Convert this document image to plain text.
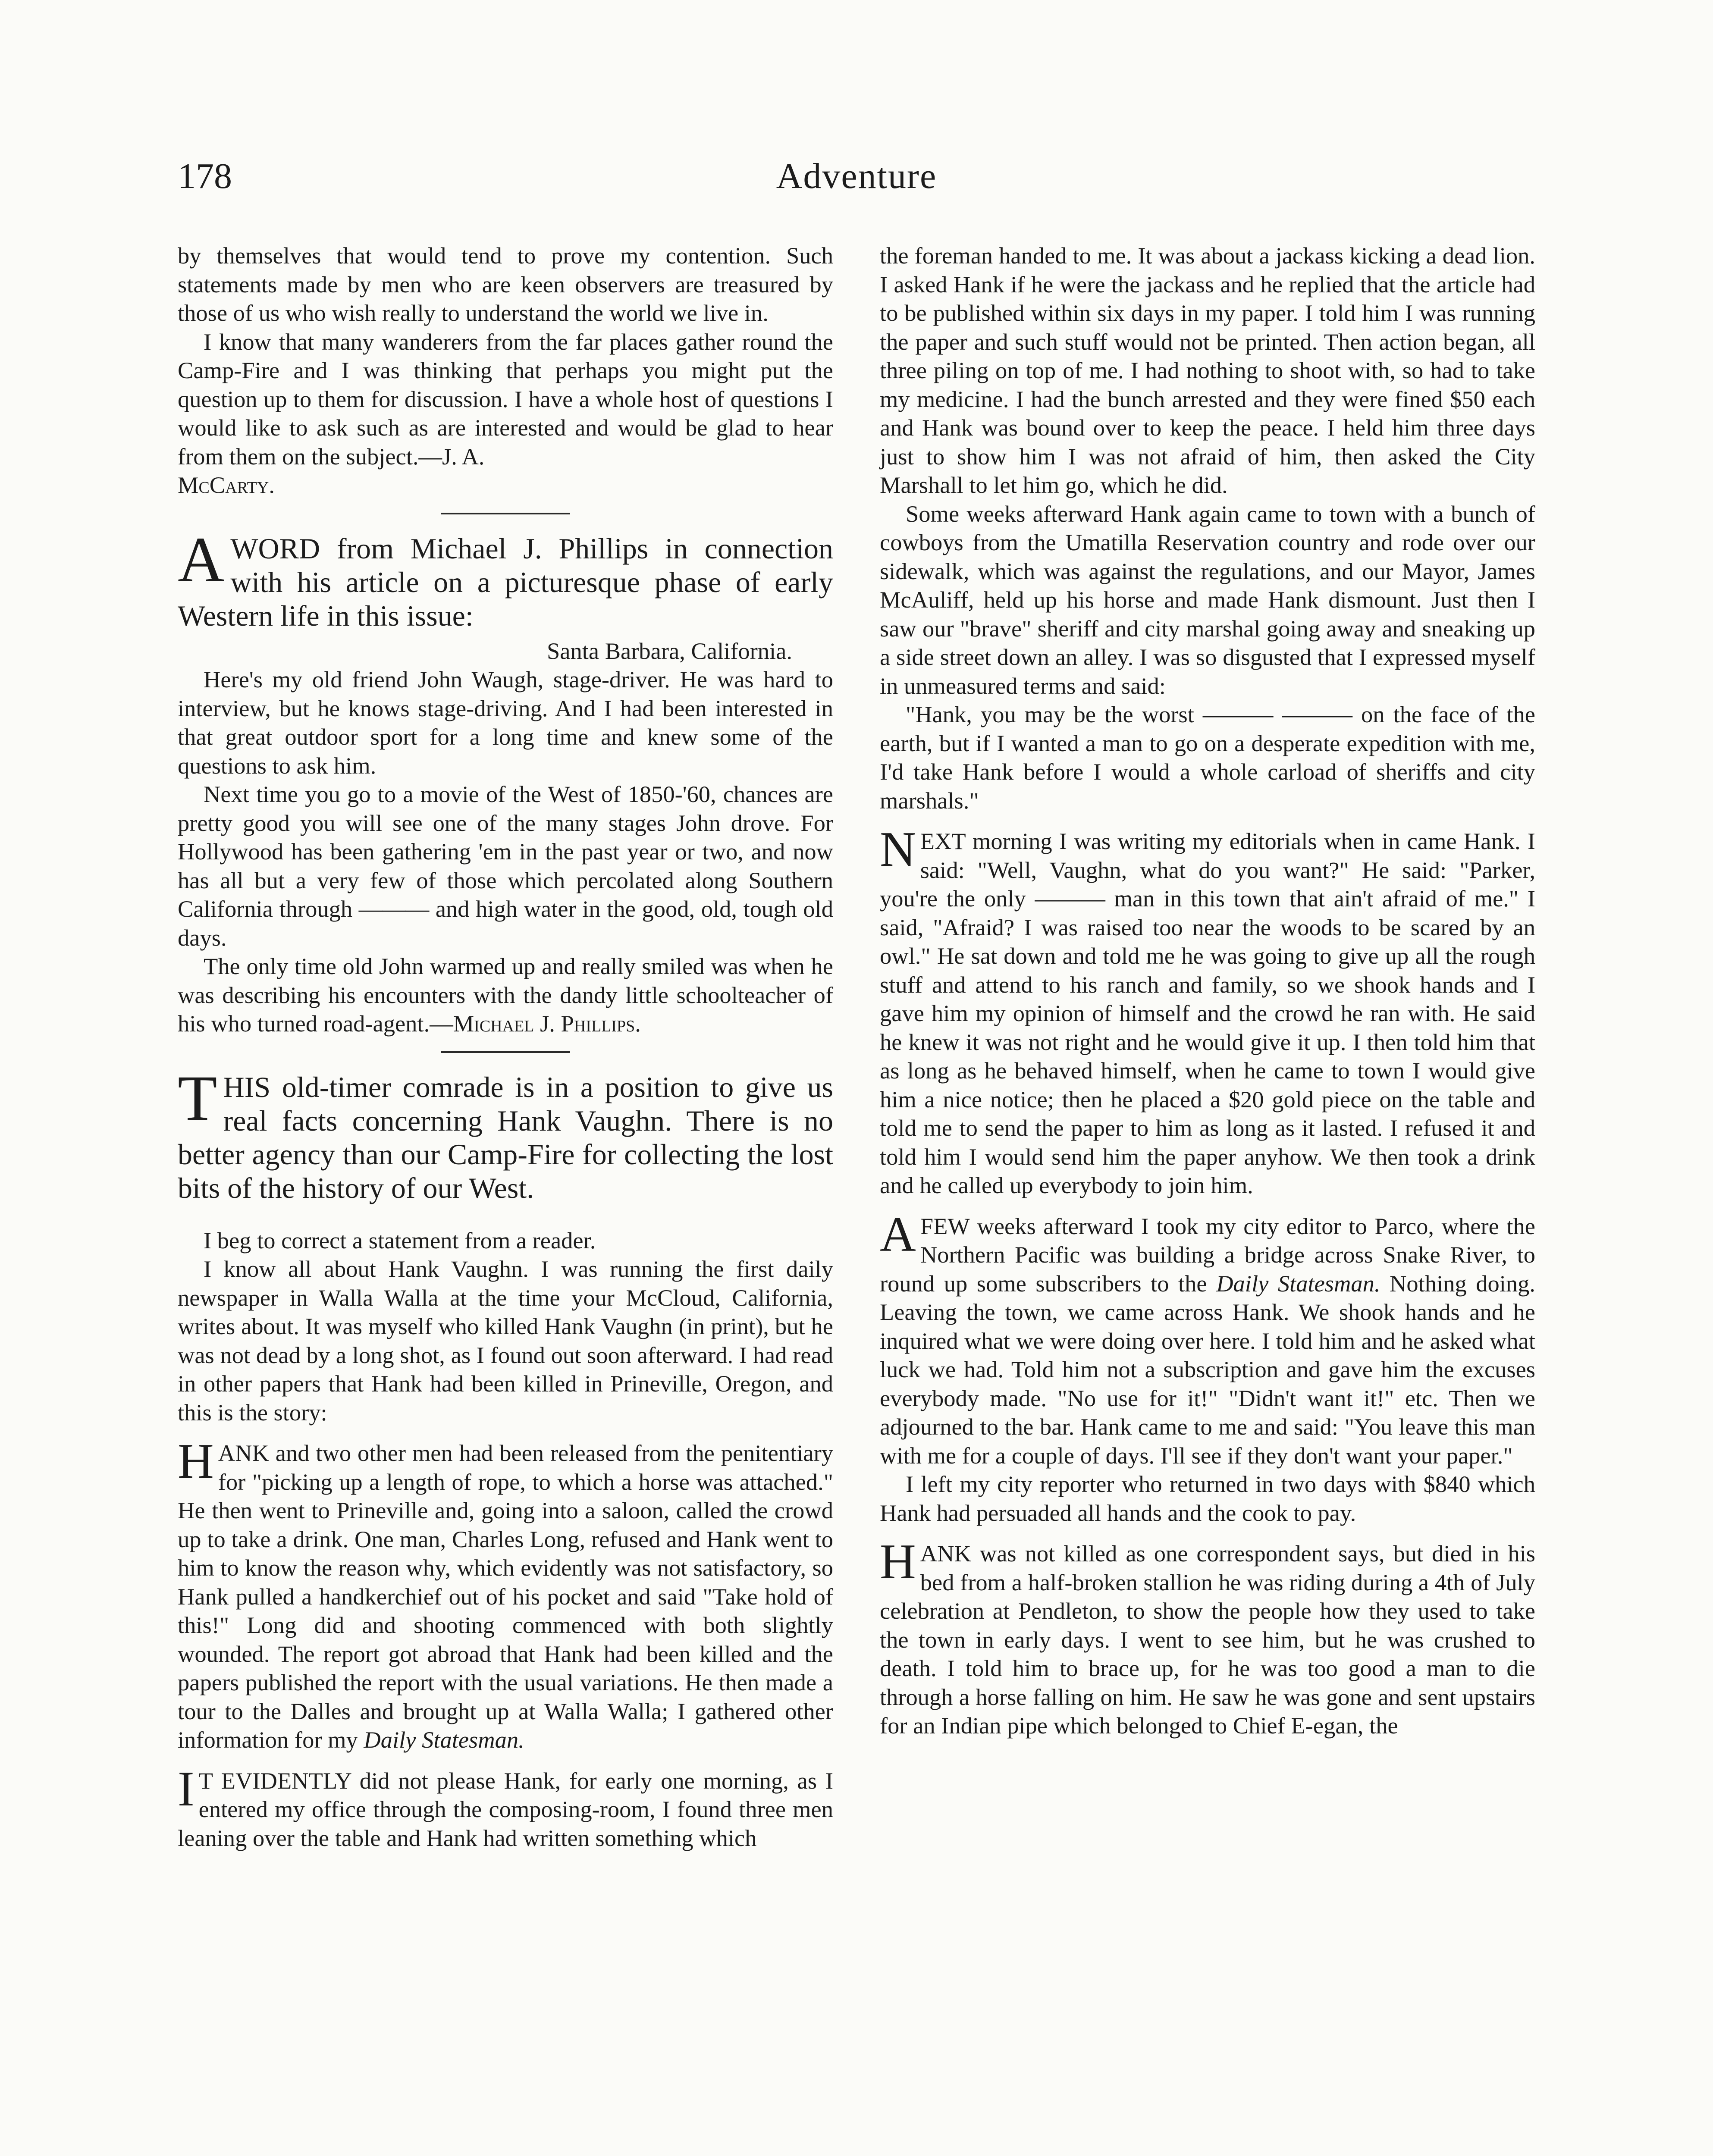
178	Adventure

by themselves that would tend to prove my contention. Such statements made by men who are keen observers are treasured by those of us who wish really to understand the world we live in.

I know that many wanderers from the far places gather round the Camp-Fire and I was thinking that perhaps you might put the question up to them for discussion. I have a whole host of questions I would like to ask such as are interested and would be glad to hear from them on the subject.—J. A.

McCarty.

AWORD from Michael J. Phillips in connection with his article on a picturesque phase of early Western life in this issue:

Santa Barbara, California.

Here's my old friend John Waugh, stage-driver. He was hard to interview, but he knows stage-driving. And I had been interested in that great outdoor sport for a long time and knew some of the questions to ask him.

Next time you go to a movie of the West of 1850-'60, chances are pretty good you will see one of the many stages John drove. For Hollywood has been gathering 'em in the past year or two, and now has all but a very few of those which percolated along Southern California through ——— and high water in the good, old, tough old days.

The only time old John warmed up and really smiled was when he was describing his encounters with the dandy little schoolteacher of his who turned road-agent.—Michael J. Phillips.

THIS old-timer comrade is in a position to give us real facts concerning Hank Vaughn. There is no better agency than our Camp-Fire for collecting the lost bits of the history of our West.

I beg to correct a statement from a reader.

I know all about Hank Vaughn. I was running the first daily newspaper in Walla Walla at the time your McCloud, California, writes about. It was myself who killed Hank Vaughn (in print), but he was not dead by a long shot, as I found out soon afterward. I had read in other papers that Hank had been killed in Prineville, Oregon, and this is the story:

HANK and two other men had been released from the penitentiary for "picking up a length of rope, to which a horse was attached." He then went to Prineville and, going into a saloon, called the crowd up to take a drink. One man, Charles Long, refused and Hank went to him to know the reason why, which evidently was not satisfactory, so Hank pulled a handkerchief out of his pocket and said "Take hold of this!" Long did and shooting commenced with both slightly wounded. The report got abroad that Hank had been killed and the papers published the report with the usual variations. He then made a tour to the Dalles and brought up at Walla Walla; I gathered other information for my Daily Statesman.

I T EVIDENTLY did not please Hank, for early one morning, as I entered my office through the composing-room, I found three men leaning over the table and Hank had written something which

the foreman handed to me. It was about a jackass kicking a dead lion. I asked Hank if he were the jackass and he replied that the article had to be published within six days in my paper. I told him I was running the paper and such stuff would not be printed. Then action began, all three piling on top of me. I had nothing to shoot with, so had to take my medicine. I had the bunch arrested and they were fined $50 each and Hank was bound over to keep the peace. I held him three days just to show him I was not afraid of him, then asked the City Marshall to let him go, which he did.

Some weeks afterward Hank again came to town with a bunch of cowboys from the Umatilla Reservation country and rode over our sidewalk, which was against the regulations, and our Mayor, James McAuliff, held up his horse and made Hank dismount. Just then I saw our "brave" sheriff and city marshal going away and sneaking up a side street down an alley. I was so disgusted that I expressed myself in unmeasured terms and said:

"Hank, you may be the worst ——— ——— on the face of the earth, but if I wanted a man to go on a desperate expedition with me, I'd take Hank before I would a whole carload of sheriffs and city marshals."

NEXT morning I was writing my editorials when in came Hank. I said: "Well, Vaughn, what do you want?" He said: "Parker, you're the only ——— man in this town that ain't afraid of me." I said, "Afraid? I was raised too near the woods to be scared by an owl." He sat down and told me he was going to give up all the rough stuff and attend to his ranch and family, so we shook hands and I gave him my opinion of himself and the crowd he ran with. He said he knew it was not right and he would give it up. I then told him that as long as he behaved himself, when he came to town I would give him a nice notice; then he placed a $20 gold piece on the table and told me to send the paper to him as long as it lasted. I refused it and told him I would send him the paper anyhow. We then took a drink and he called up everybody to join him.

AFEW weeks afterward I took my city editor to Parco, where the Northern Pacific was building a bridge across Snake River, to round up some subscribers to the Daily Statesman. Nothing doing. Leaving the town, we came across Hank. We shook hands and he inquired what we were doing over here. I told him and he asked what luck we had. Told him not a subscription and gave him the excuses everybody made. "No use for it!" "Didn't want it!" etc. Then we adjourned to the bar. Hank came to me and said: "You leave this man with me for a couple of days. I'll see if they don't want your paper."

I left my city reporter who returned in two days with $840 which Hank had persuaded all hands and the cook to pay.

HANK was not killed as one correspondent says, but died in his bed from a half-broken stallion he was riding during a 4th of July celebration at Pendleton, to show the people how they used to take the town in early days. I went to see him, but he was crushed to death. I told him to brace up, for he was too good a man to die through a horse falling on him. He saw he was gone and sent upstairs for an Indian pipe which belonged to Chief E-egan, the
